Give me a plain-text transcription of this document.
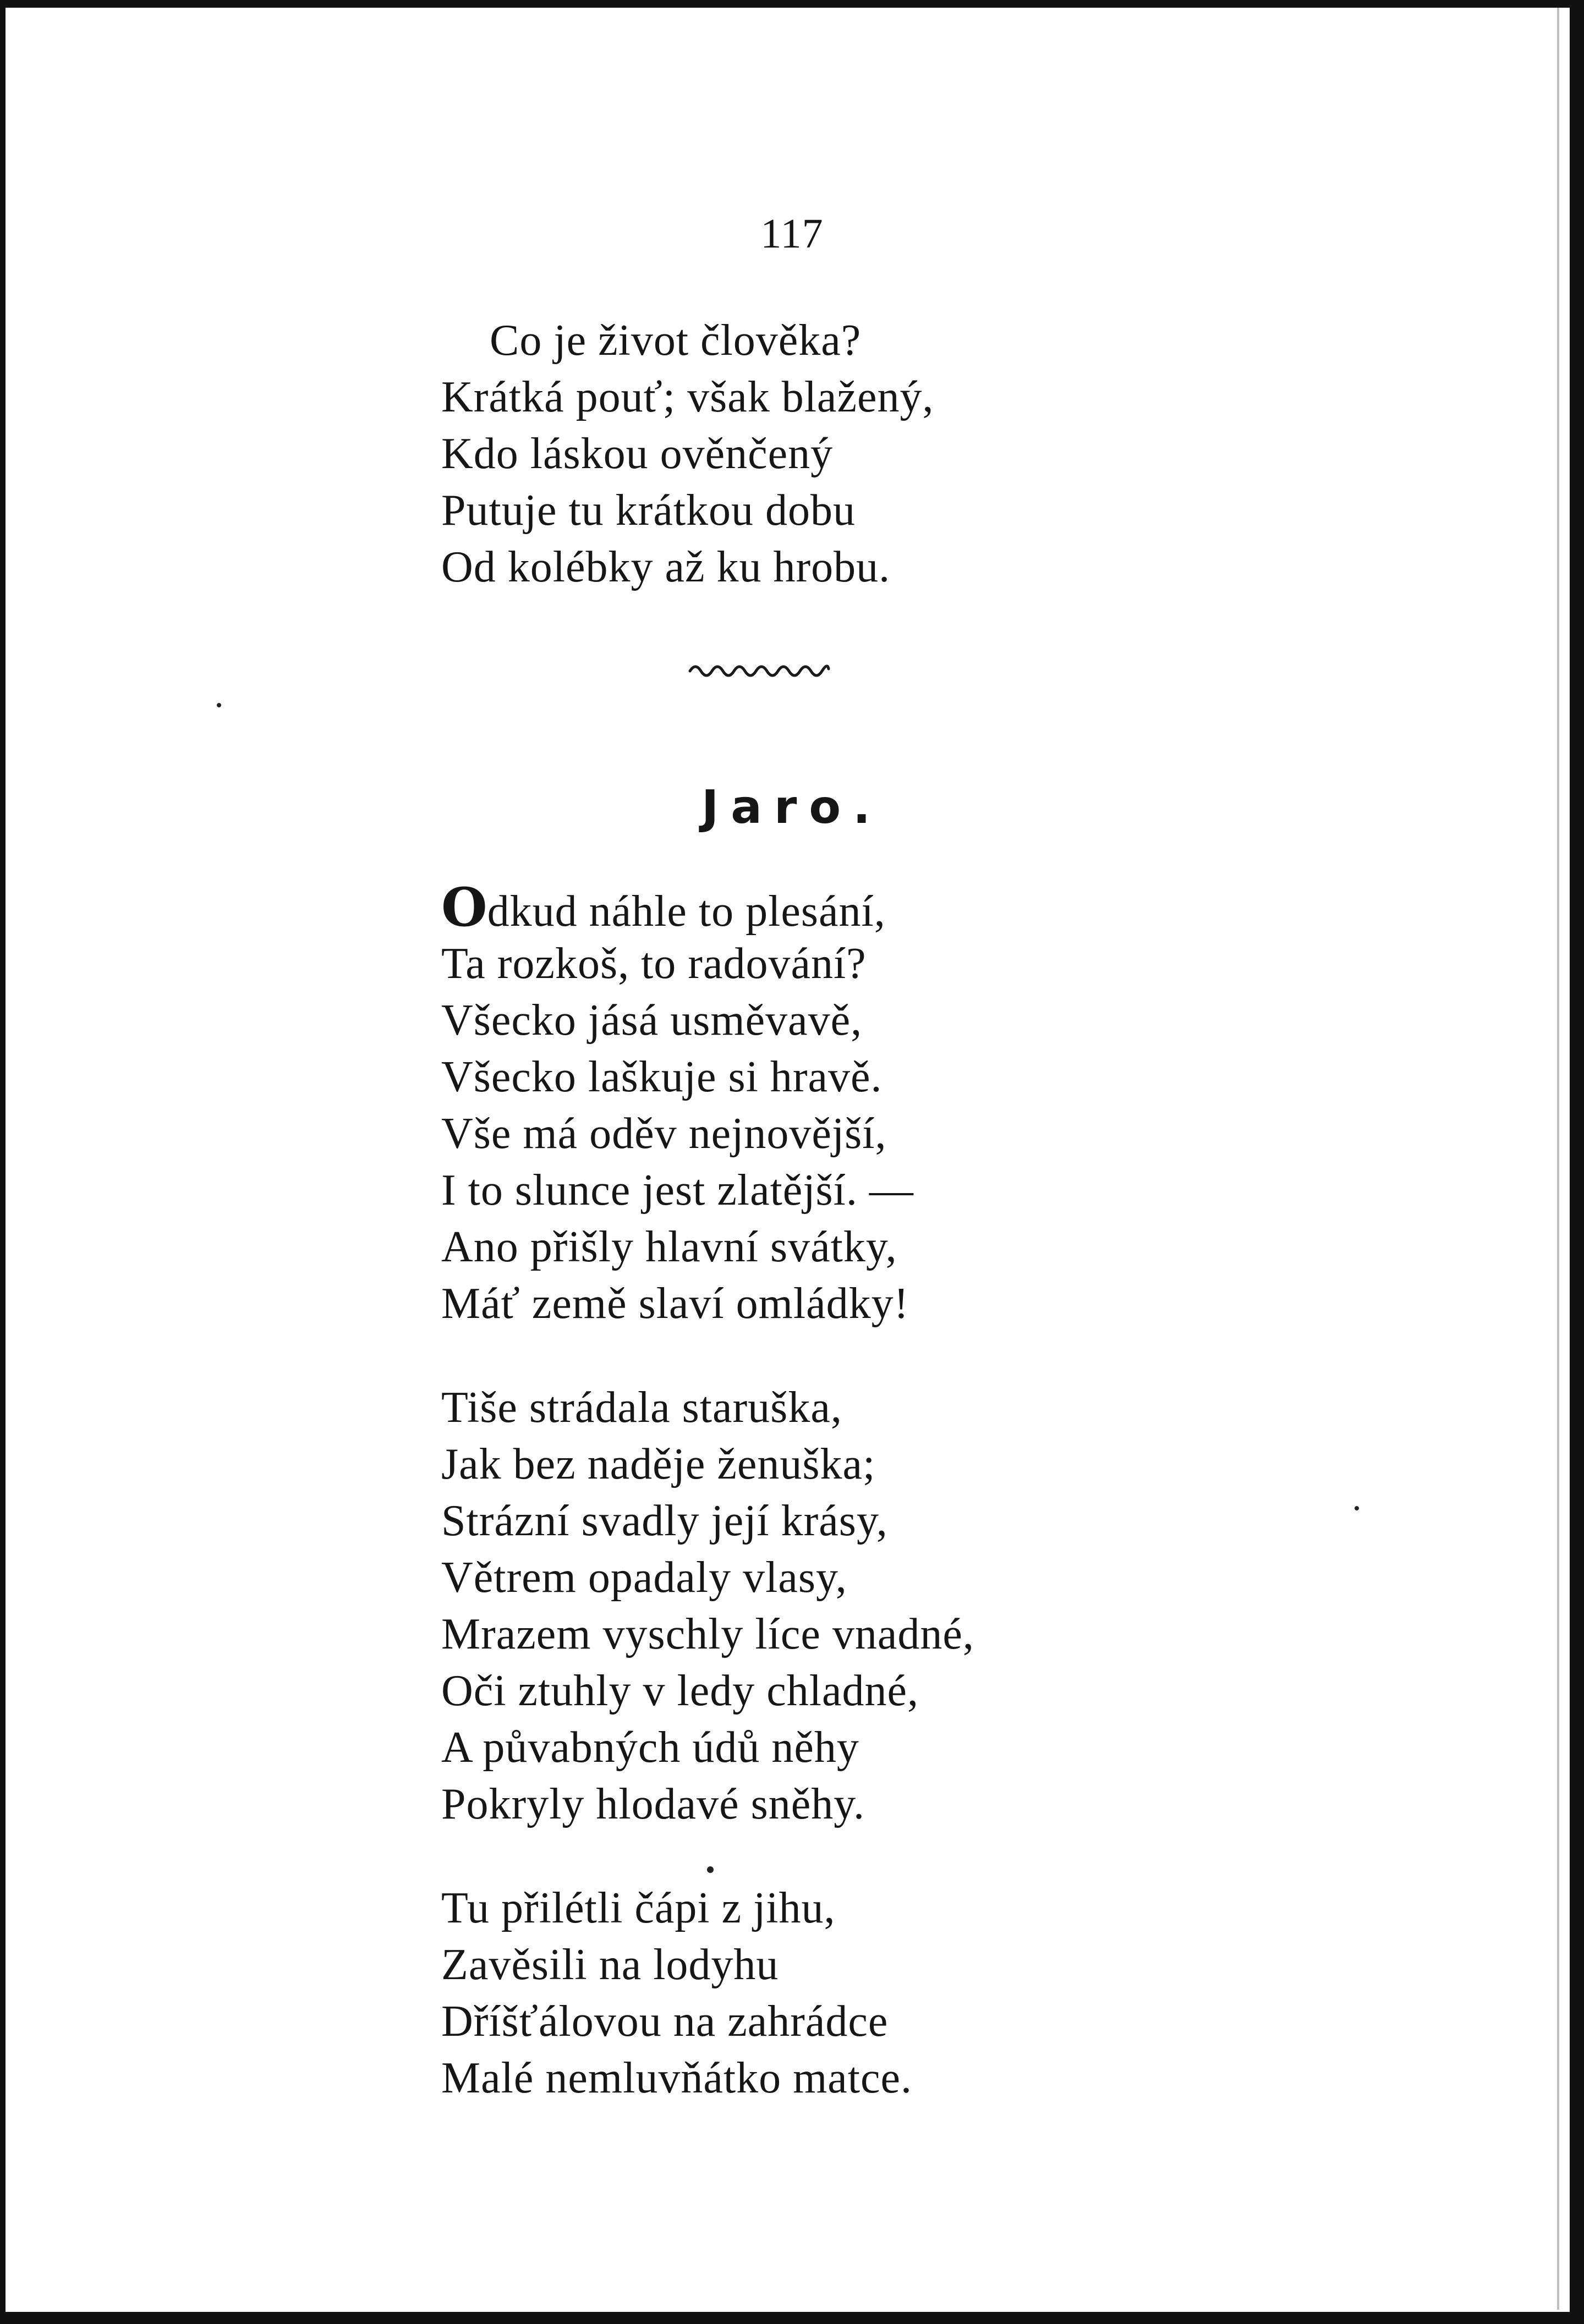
117
Co je život člověka?
Krátká pouť; však blažený,
Kdo láskou ověnčený
Putuje tu krátkou dobu
Od kolébky až ku hrobu.
Jaro.
Odkud náhle to plesání,
Ta rozkoš, to radování?
Všecko jásá usměvavě,
Všecko laškuje si hravě.
Vše má oděv nejnovější,
I to slunce jest zlatější. —
Ano přišly hlavní svátky,
Máť země slaví omládky!
Tiše strádala staruška,
Jak bez naděje ženuška;
Strázní svadly její krásy,
Větrem opadaly vlasy,
Mrazem vyschly líce vnadné,
Oči ztuhly v ledy chladné,
A půvabných údů něhy
Pokryly hlodavé sněhy.
Tu přilétli čápi z jihu,
Zavěsili na lodyhu
Dříšťálovou na zahrádce
Malé nemluvňátko matce.
